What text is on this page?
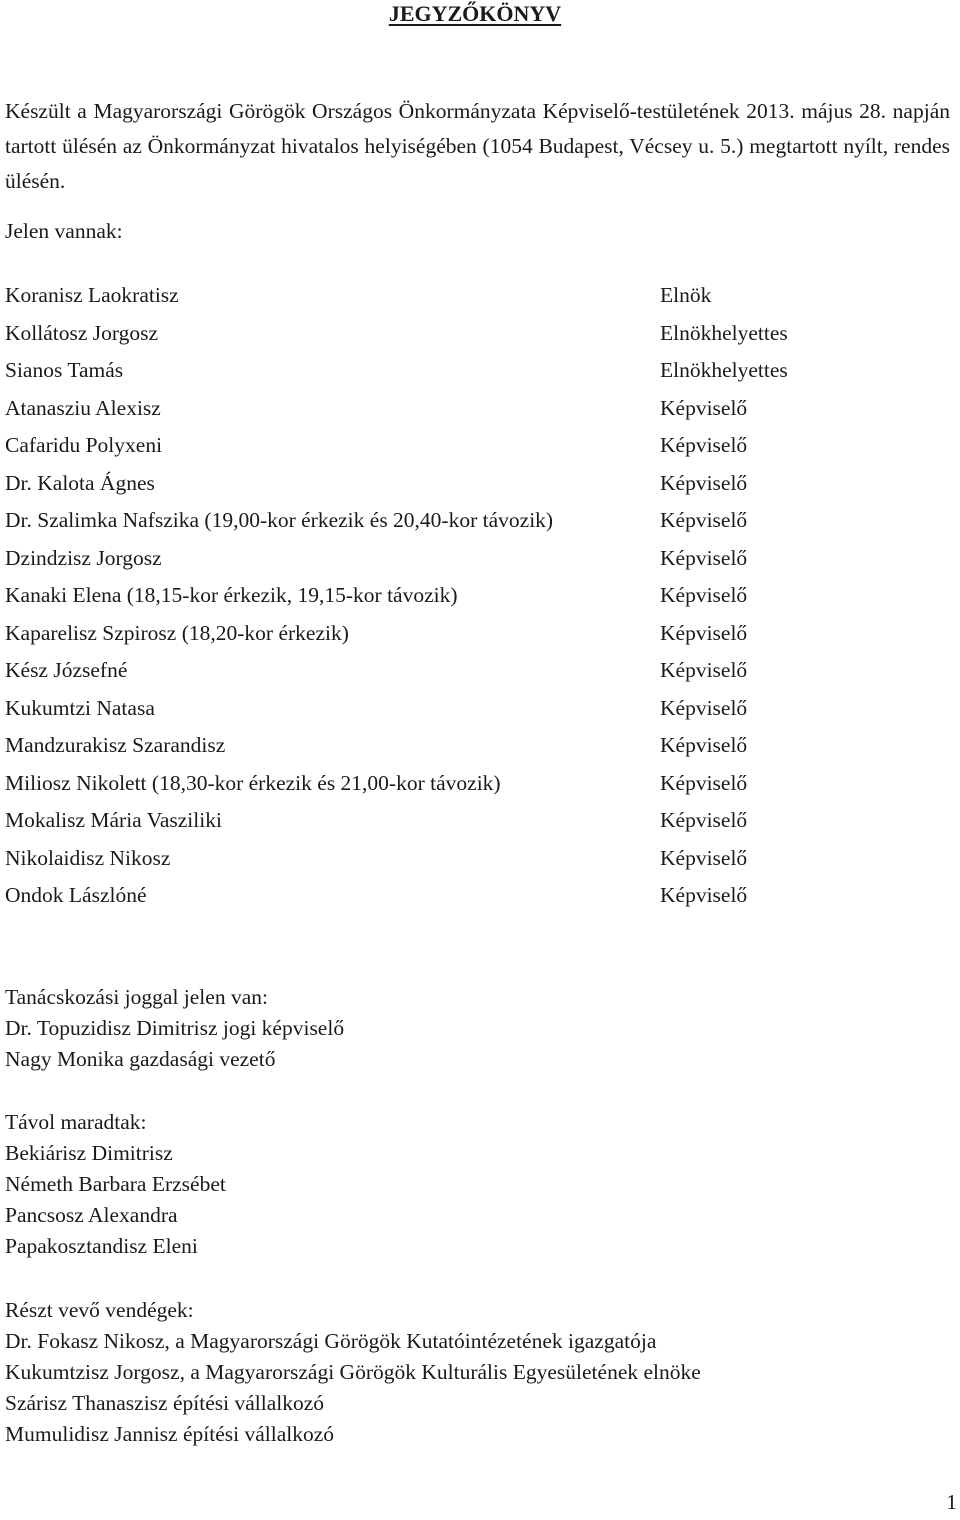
JEGYZŐKÖNYV
Készült a Magyarországi Görögök Országos Önkormányzata Képviselő-testületének 2013. május 28. napján tartott ülésén az Önkormányzat hivatalos helyiségében (1054 Budapest, Vécsey u. 5.) megtartott nyílt, rendes ülésén.
Jelen vannak:
Koranisz Laokratisz	Elnök
Kollátosz Jorgosz	Elnökhelyettes
Sianos Tamás	Elnökhelyettes
Atanasziu Alexisz	Képviselő
Cafaridu Polyxeni	Képviselő
Dr. Kalota Ágnes	Képviselő
Dr. Szalimka Nafszika (19,00-kor érkezik és 20,40-kor távozik)	Képviselő
Dzindzisz Jorgosz	Képviselő
Kanaki Elena (18,15-kor érkezik, 19,15-kor távozik)	Képviselő
Kaparelisz Szpirosz (18,20-kor érkezik)	Képviselő
Kész Józsefné	Képviselő
Kukumtzi Natasa	Képviselő
Mandzurakisz Szarandisz	Képviselő
Miliosz Nikolett (18,30-kor érkezik és 21,00-kor távozik)	Képviselő
Mokalisz Mária Vasziliki	Képviselő
Nikolaidisz Nikosz	Képviselő
Ondok Lászlóné	Képviselő
Tanácskozási joggal jelen van:
Dr. Topuzidisz Dimitrisz jogi képviselő
Nagy Monika gazdasági vezető
Távol maradtak:
Bekiárisz Dimitrisz
Németh Barbara Erzsébet
Pancsosz Alexandra
Papakosztandisz Eleni
Részt vevő vendégek:
Dr. Fokasz Nikosz, a Magyarországi Görögök Kutatóintézetének igazgatója
Kukumtzisz Jorgosz, a Magyarországi Görögök Kulturális Egyesületének elnöke
Szárisz Thanaszisz építési vállalkozó
Mumulidisz Jannisz építési vállalkozó
1
